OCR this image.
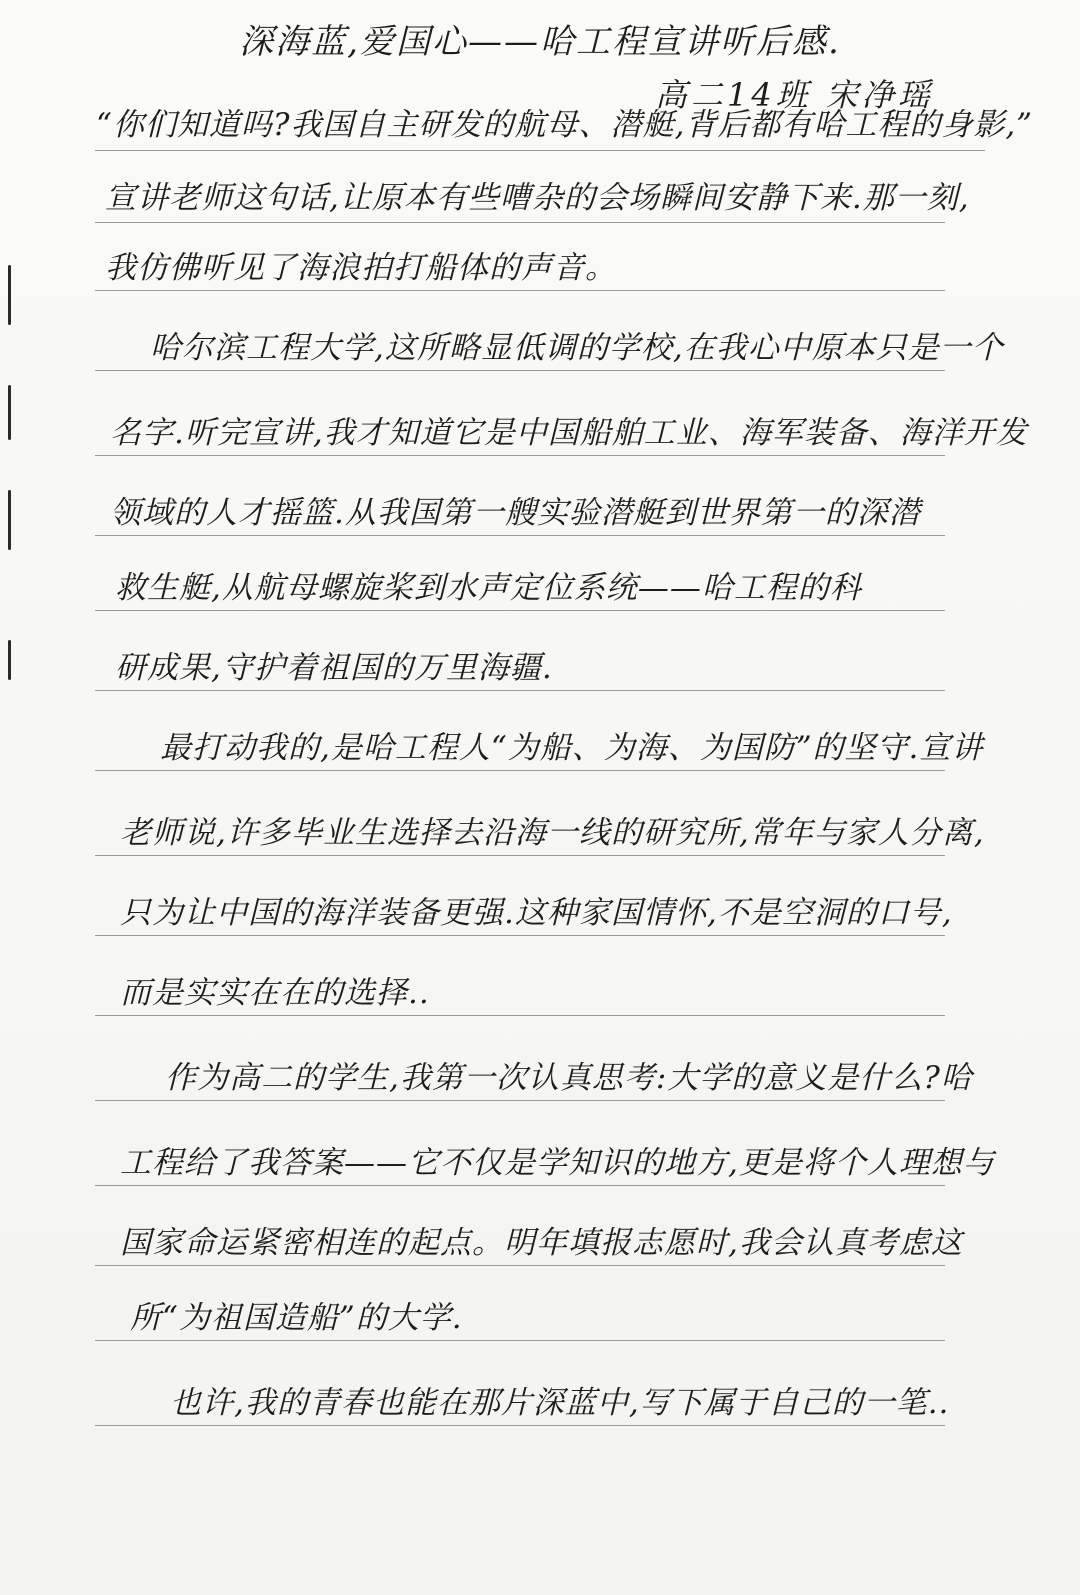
深海蓝,爱国心——哈工程宣讲听后感.
高二14班 宋净瑶
“你们知道吗?我国自主研发的航母、潜艇,背后都有哈工程的身影,”
宣讲老师这句话,让原本有些嘈杂的会场瞬间安静下来.那一刻,
我仿佛听见了海浪拍打船体的声音。
哈尔滨工程大学,这所略显低调的学校,在我心中原本只是一个
名字.听完宣讲,我才知道它是中国船舶工业、海军装备、海洋开发
领域的人才摇篮.从我国第一艘实验潜艇到世界第一的深潜
救生艇,从航母螺旋桨到水声定位系统——哈工程的科
研成果,守护着祖国的万里海疆.
最打动我的,是哈工程人“为船、为海、为国防”的坚守.宣讲
老师说,许多毕业生选择去沿海一线的研究所,常年与家人分离,
只为让中国的海洋装备更强.这种家国情怀,不是空洞的口号,
而是实实在在的选择..
作为高二的学生,我第一次认真思考:大学的意义是什么?哈
工程给了我答案——它不仅是学知识的地方,更是将个人理想与
国家命运紧密相连的起点。明年填报志愿时,我会认真考虑这
所“为祖国造船”的大学.
也许,我的青春也能在那片深蓝中,写下属于自己的一笔..
